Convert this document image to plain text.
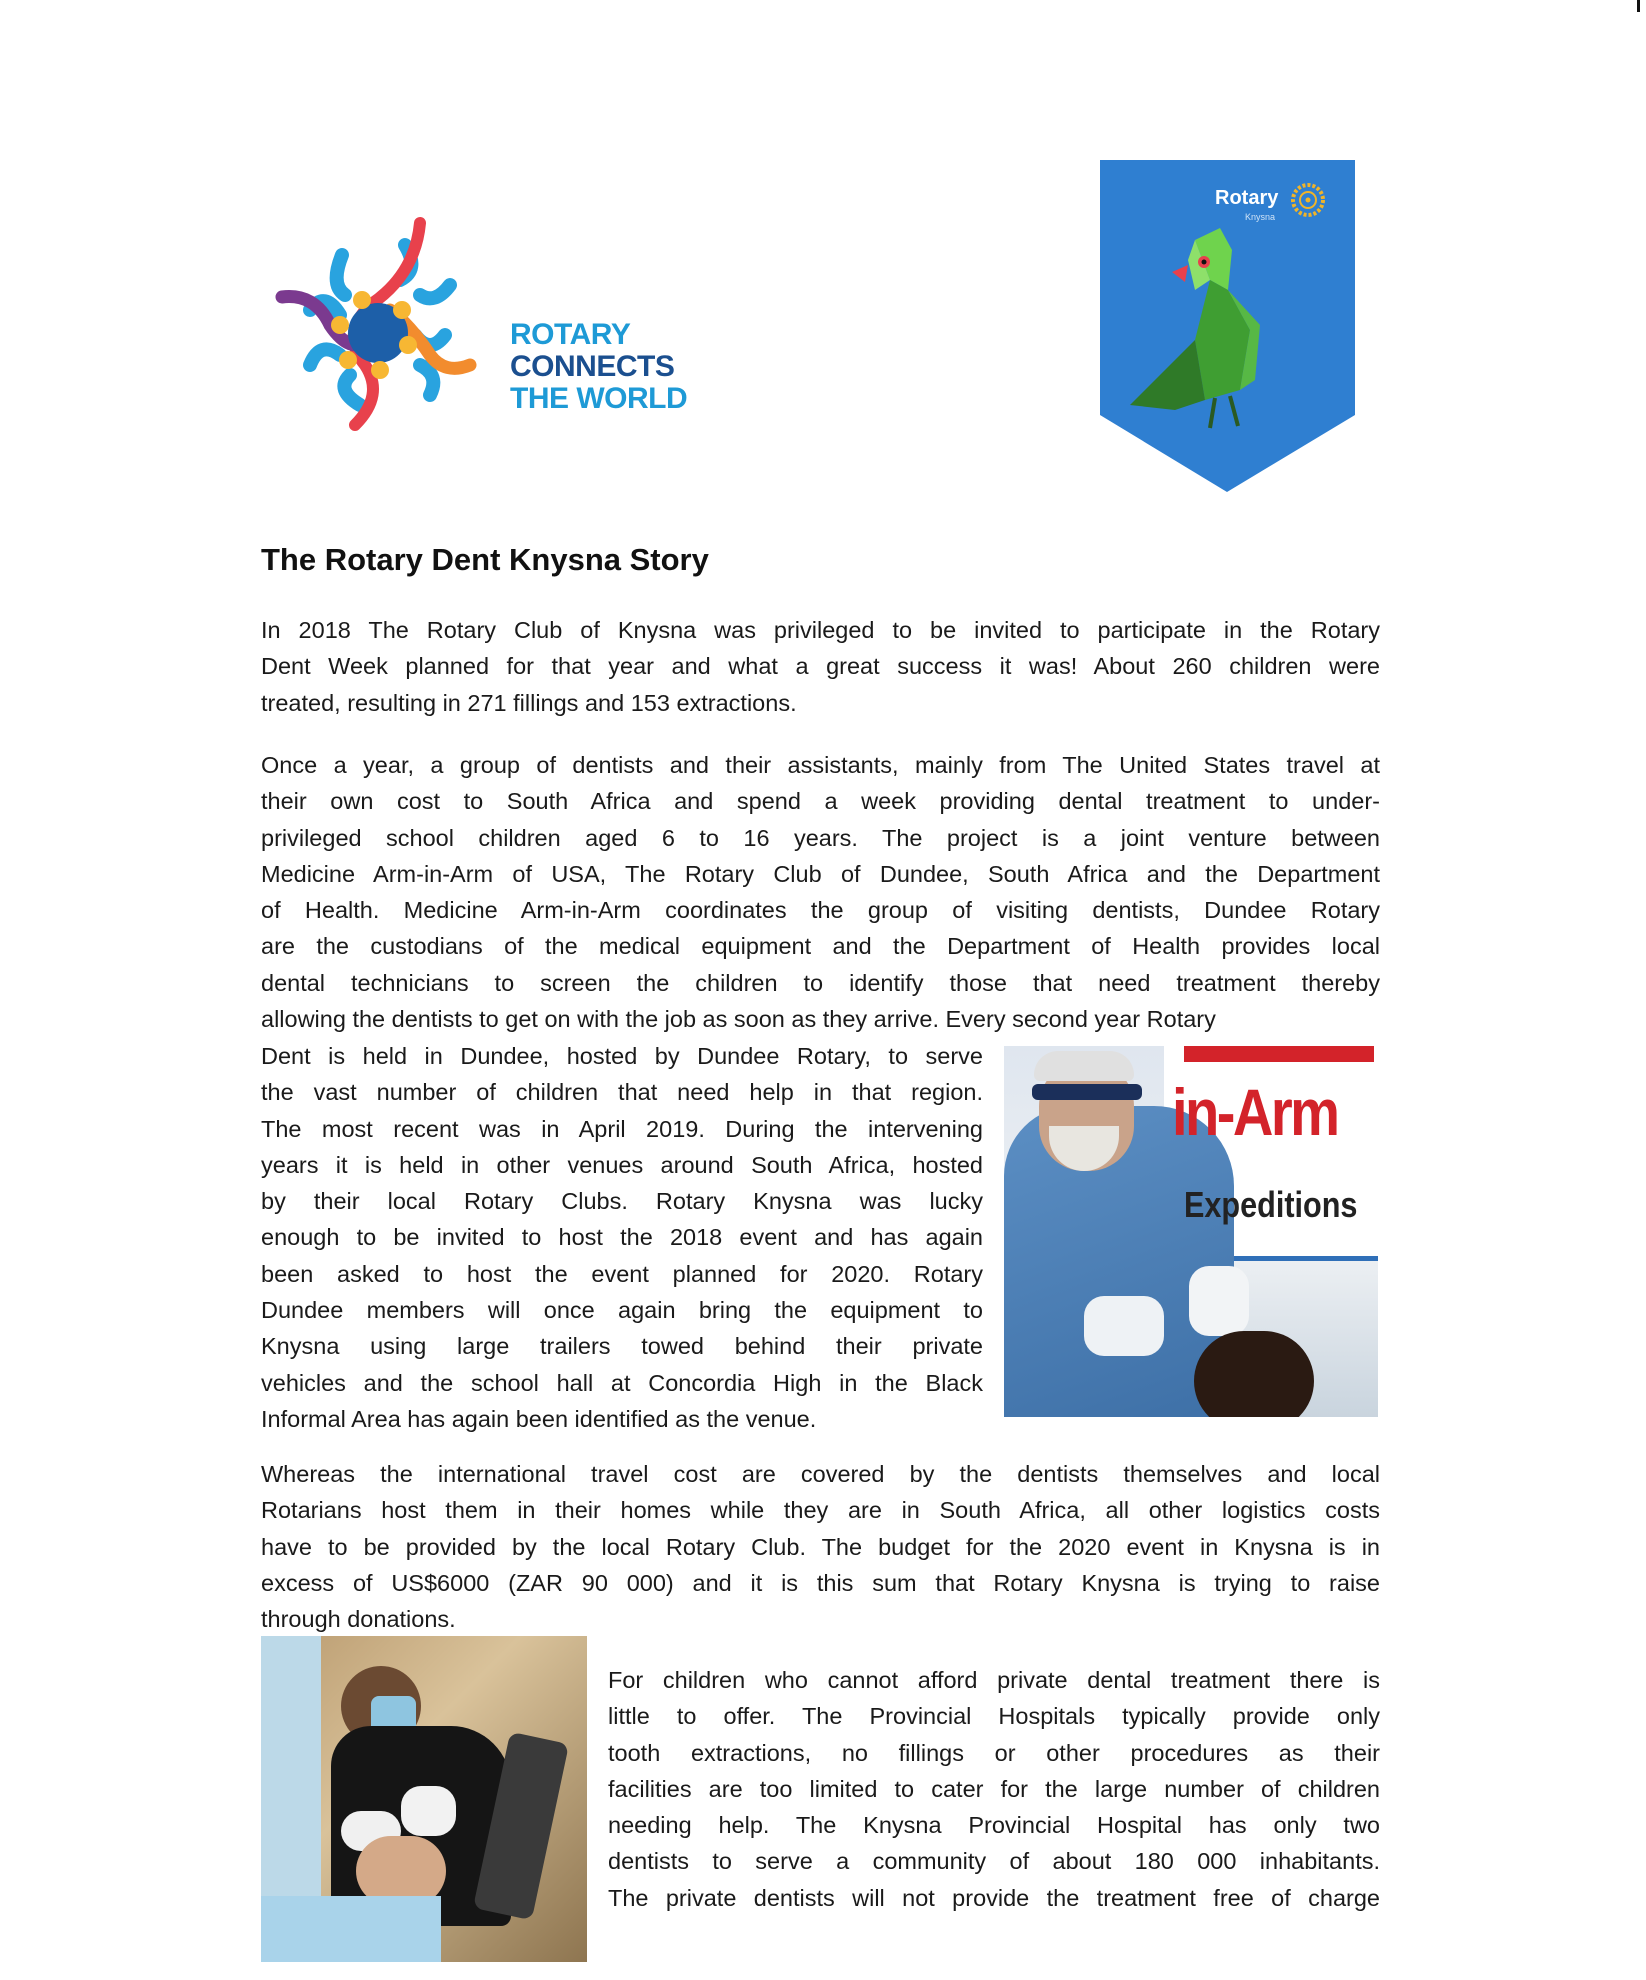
ROTARY
CONNECTS
THE WORLD
Rotary
Knysna
The Rotary Dent Knysna Story
In 2018 The Rotary Club of Knysna was privileged to be invited to participate in the Rotary
Dent Week planned for that year and what a great success it was! About 260 children were
treated, resulting in 271 fillings and 153 extractions.
Once a year, a group of dentists and their assistants, mainly from The United States travel at
their own cost to South Africa and spend a week providing dental treatment to under-
privileged school children aged 6 to 16 years. The project is a joint venture between
Medicine Arm-in-Arm of USA, The Rotary Club of Dundee, South Africa and the Department
of Health. Medicine Arm-in-Arm coordinates the group of visiting dentists, Dundee Rotary
are the custodians of the medical equipment and the Department of Health provides local
dental technicians to screen the children to identify those that need treatment thereby
allowing the dentists to get on with the job as soon as they arrive. Every second year Rotary
Dent is held in Dundee, hosted by Dundee Rotary, to serve
the vast number of children that need help in that region.
The most recent was in April 2019. During the intervening
years it is held in other venues around South Africa, hosted
by their local Rotary Clubs. Rotary Knysna was lucky
enough to be invited to host the 2018 event and has again
been asked to host the event planned for 2020. Rotary
Dundee members will once again bring the equipment to
Knysna using large trailers towed behind their private
vehicles and the school hall at Concordia High in the Black
Informal Area has again been identified as the venue.
Whereas the international travel cost are covered by the dentists themselves and local
Rotarians host them in their homes while they are in South Africa, all other logistics costs
have to be provided by the local Rotary Club. The budget for the 2020 event in Knysna is in
excess of US$6000 (ZAR 90 000) and it is this sum that Rotary Knysna is trying to raise
through donations.
For children who cannot afford private dental treatment there is
little to offer. The Provincial Hospitals typically provide only
tooth extractions, no fillings or other procedures as their
facilities are too limited to cater for the large number of children
needing help. The Knysna Provincial Hospital has only two
dentists to serve a community of about 180 000 inhabitants.
The private dentists will not provide the treatment free of charge
in-Arm
Expeditions
